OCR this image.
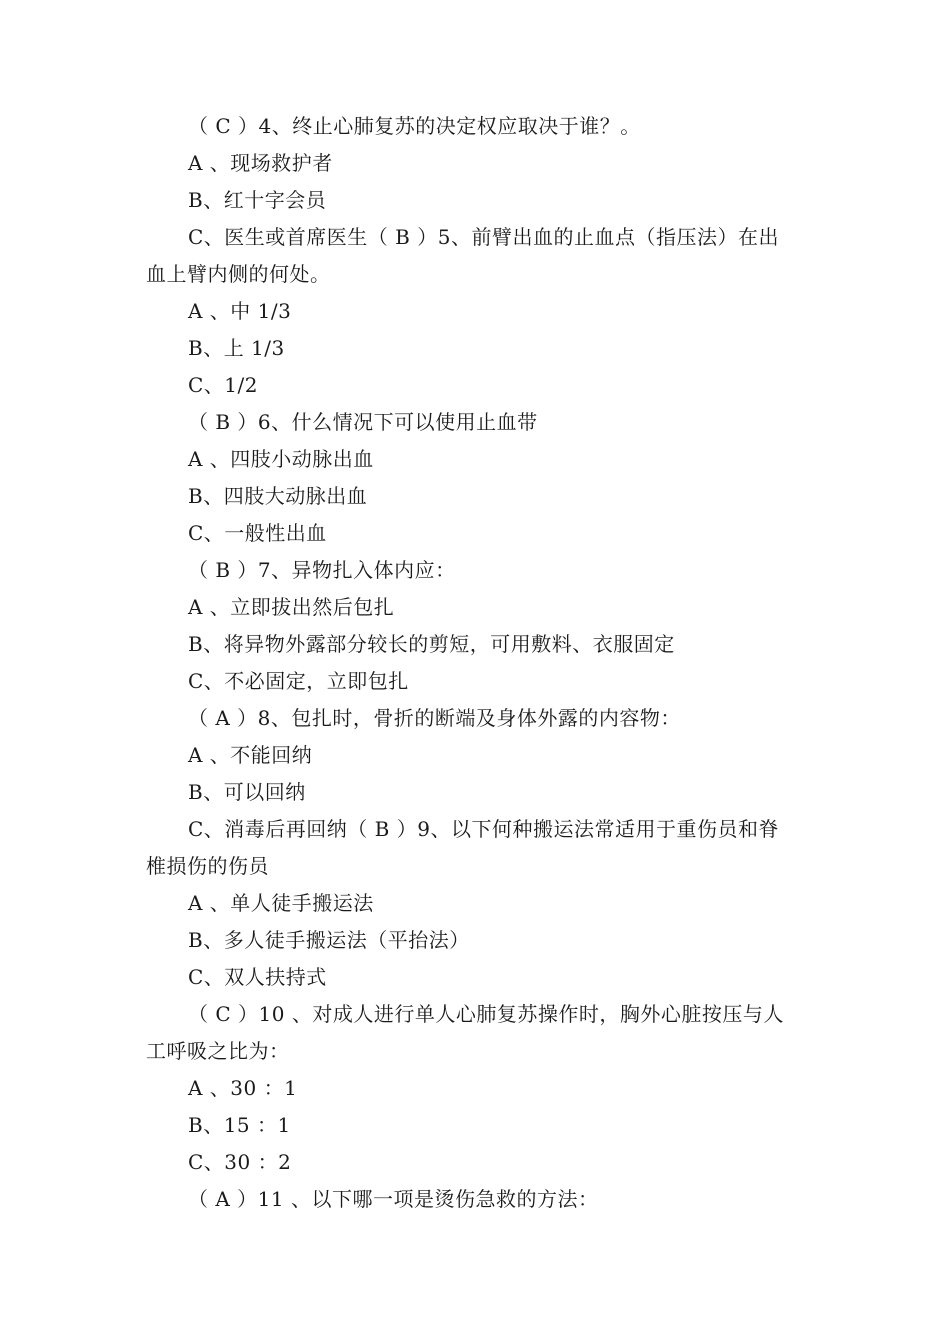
（ C ）4、终止心肺复苏的决定权应取决于谁？。
A 、现场救护者
B、红十字会员
C、医生或首席医生（ B ）5、前臂出血的止血点（指压法）在出
血上臂内侧的何处。
A 、中 1/3
B、上 1/3
C、1/2
（ B ）6、什么情况下可以使用止血带
A 、四肢小动脉出血
B、四肢大动脉出血
C、一般性出血
（ B ）7、异物扎入体内应：
A 、立即拔出然后包扎
B、将异物外露部分较长的剪短，可用敷料、衣服固定
C、不必固定，立即包扎
（ A ）8、包扎时，骨折的断端及身体外露的内容物：
A 、不能回纳
B、可以回纳
C、消毒后再回纳（ B ）9、以下何种搬运法常适用于重伤员和脊
椎损伤的伤员
A 、单人徒手搬运法
B、多人徒手搬运法（平抬法）
C、双人扶持式
（ C ）10 、对成人进行单人心肺复苏操作时，胸外心脏按压与人
工呼吸之比为：
A 、30 ：1
B、15 ：1
C、30 ：2
（ A ）11 、以下哪一项是烫伤急救的方法：
